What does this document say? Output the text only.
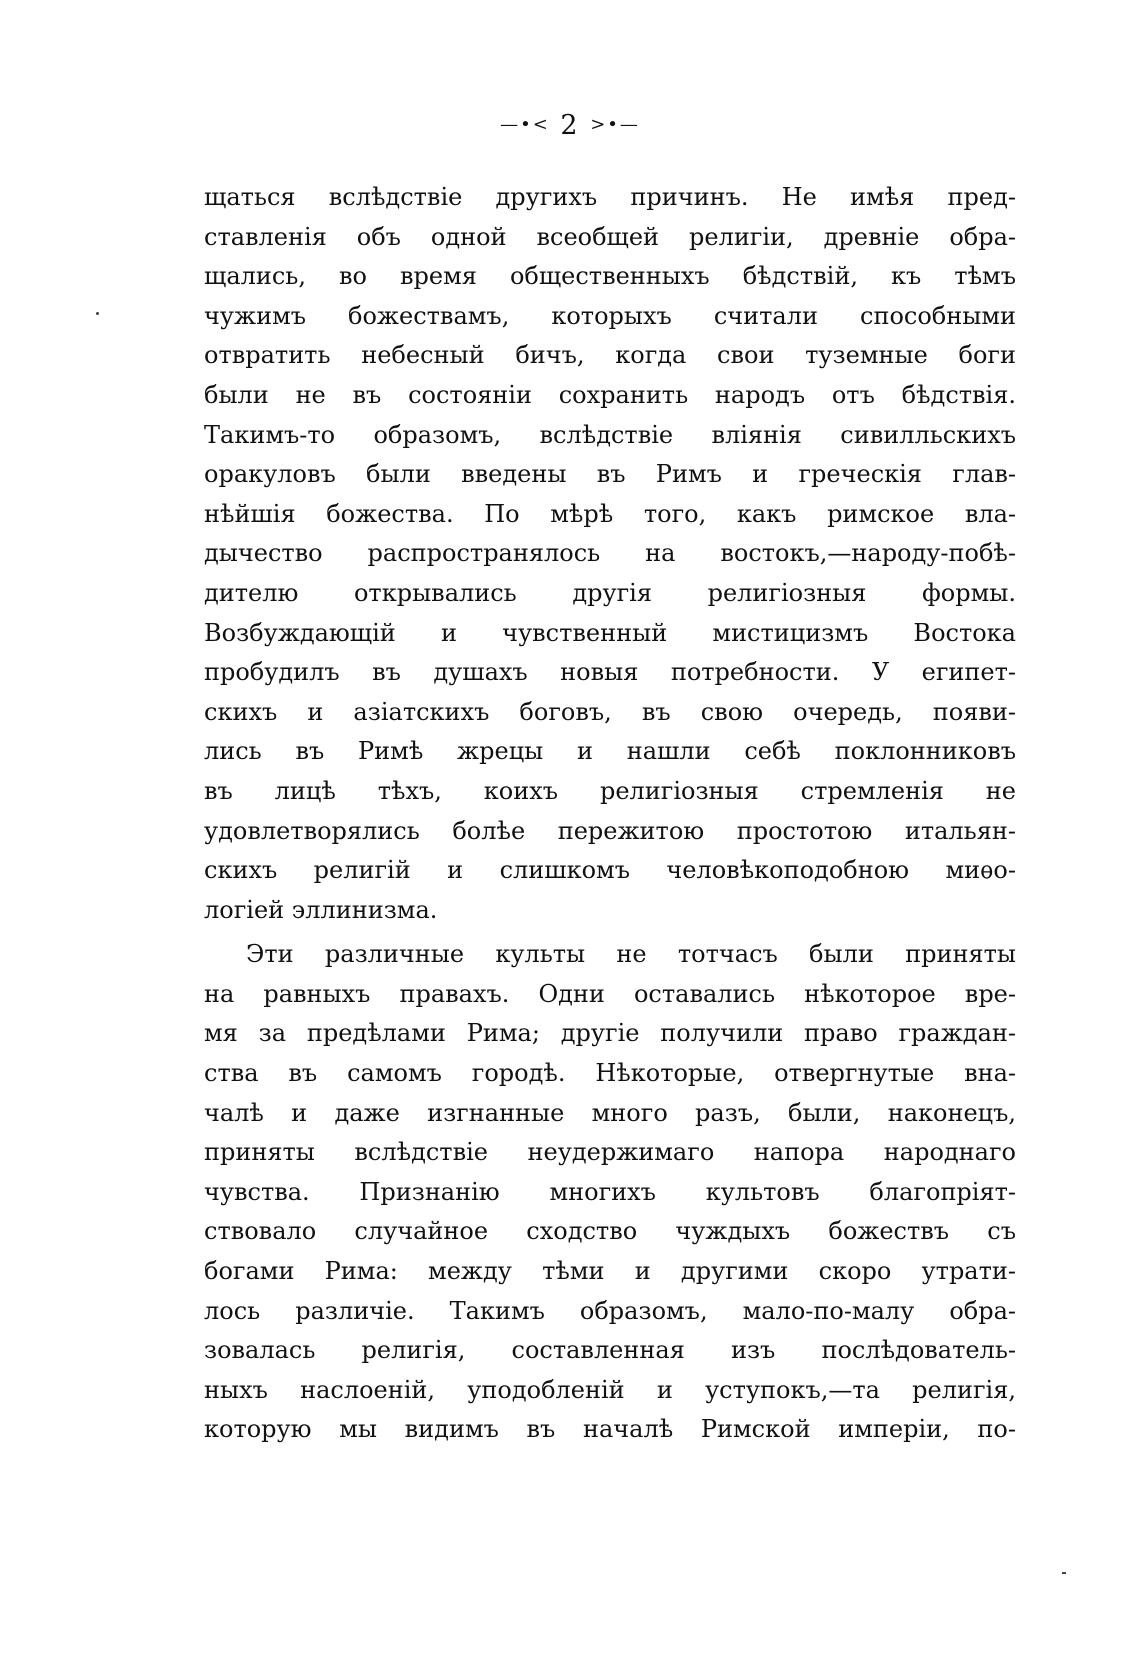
—•< 2 >•—
щаться вслѣдствіе другихъ причинъ. Не имѣя пред-
ставленія объ одной всеобщей религіи, древніе обра-
щались, во время общественныхъ бѣдствій, къ тѣмъ
чужимъ божествамъ, которыхъ считали способными
отвратить небесный бичъ, когда свои туземные боги
были не въ состояніи сохранить народъ отъ бѣдствія.
Такимъ-то образомъ, вслѣдствіе вліянія сивилльскихъ
оракуловъ были введены въ Римъ и греческія глав-
нѣйшія божества. По мѣрѣ того, какъ римское вла-
дычество распространялось на востокъ,—народу-побѣ-
дителю открывались другія религіозныя формы.
Возбуждающій и чувственный мистицизмъ Востока
пробудилъ въ душахъ новыя потребности. У египет-
скихъ и азіатскихъ боговъ, въ свою очередь, появи-
лись въ Римѣ жрецы и нашли себѣ поклонниковъ
въ лицѣ тѣхъ, коихъ религіозныя стремленія не
удовлетворялись болѣе пережитою простотою итальян-
скихъ религій и слишкомъ человѣкоподобною миѳо-
логіей эллинизма.
Эти различные культы не тотчасъ были приняты
на равныхъ правахъ. Одни оставались нѣкоторое вре-
мя за предѣлами Рима; другіе получили право граждан-
ства въ самомъ городѣ. Нѣкоторые, отвергнутые вна-
чалѣ и даже изгнанные много разъ, были, наконецъ,
приняты вслѣдствіе неудержимаго напора народнаго
чувства. Признанію многихъ культовъ благопріят-
ствовало случайное сходство чуждыхъ божествъ съ
богами Рима: между тѣми и другими скоро утрати-
лось различіе. Такимъ образомъ, мало-по-малу обра-
зовалась религія, составленная изъ послѣдователь-
ныхъ наслоеній, уподобленій и уступокъ,—та религія,
которую мы видимъ въ началѣ Римской имперіи, по-
